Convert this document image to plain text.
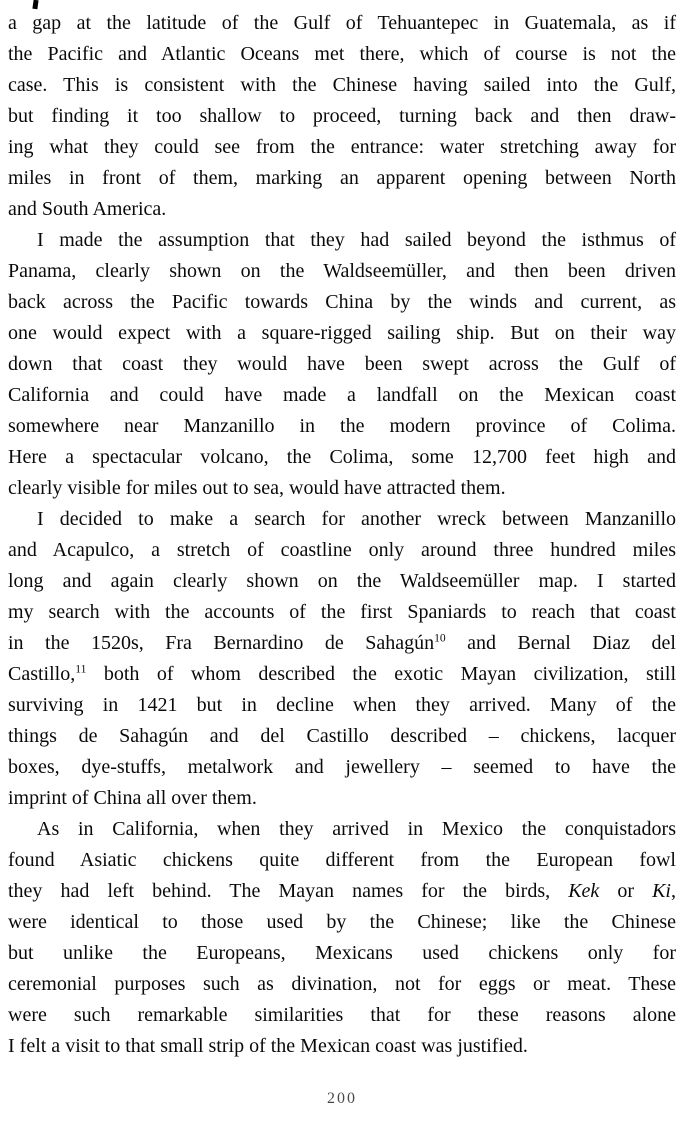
a gap at the latitude of the Gulf of Tehuantepec in Guatemala, as if
the Pacific and Atlantic Oceans met there, which of course is not the
case. This is consistent with the Chinese having sailed into the Gulf,
but finding it too shallow to proceed, turning back and then draw-
ing what they could see from the entrance: water stretching away for
miles in front of them, marking an apparent opening between North
and South America.
I made the assumption that they had sailed beyond the isthmus of
Panama, clearly shown on the Waldseemüller, and then been driven
back across the Pacific towards China by the winds and current, as
one would expect with a square-rigged sailing ship. But on their way
down that coast they would have been swept across the Gulf of
California and could have made a landfall on the Mexican coast
somewhere near Manzanillo in the modern province of Colima.
Here a spectacular volcano, the Colima, some 12,700 feet high and
clearly visible for miles out to sea, would have attracted them.
I decided to make a search for another wreck between Manzanillo
and Acapulco, a stretch of coastline only around three hundred miles
long and again clearly shown on the Waldseemüller map. I started
my search with the accounts of the first Spaniards to reach that coast
in the 1520s, Fra Bernardino de Sahagún$^{10}$ and Bernal Diaz del
Castillo,$^{11}$ both of whom described the exotic Mayan civilization, still
surviving in 1421 but in decline when they arrived. Many of the
things de Sahagún and del Castillo described – chickens, lacquer
boxes, dye-stuffs, metalwork and jewellery – seemed to have the
imprint of China all over them.
As in California, when they arrived in Mexico the conquistadors
found Asiatic chickens quite different from the European fowl
they had left behind. The Mayan names for the birds, Kek or Ki,
were identical to those used by the Chinese; like the Chinese
but unlike the Europeans, Mexicans used chickens only for
ceremonial purposes such as divination, not for eggs or meat. These
were such remarkable similarities that for these reasons alone
I felt a visit to that small strip of the Mexican coast was justified.
200
